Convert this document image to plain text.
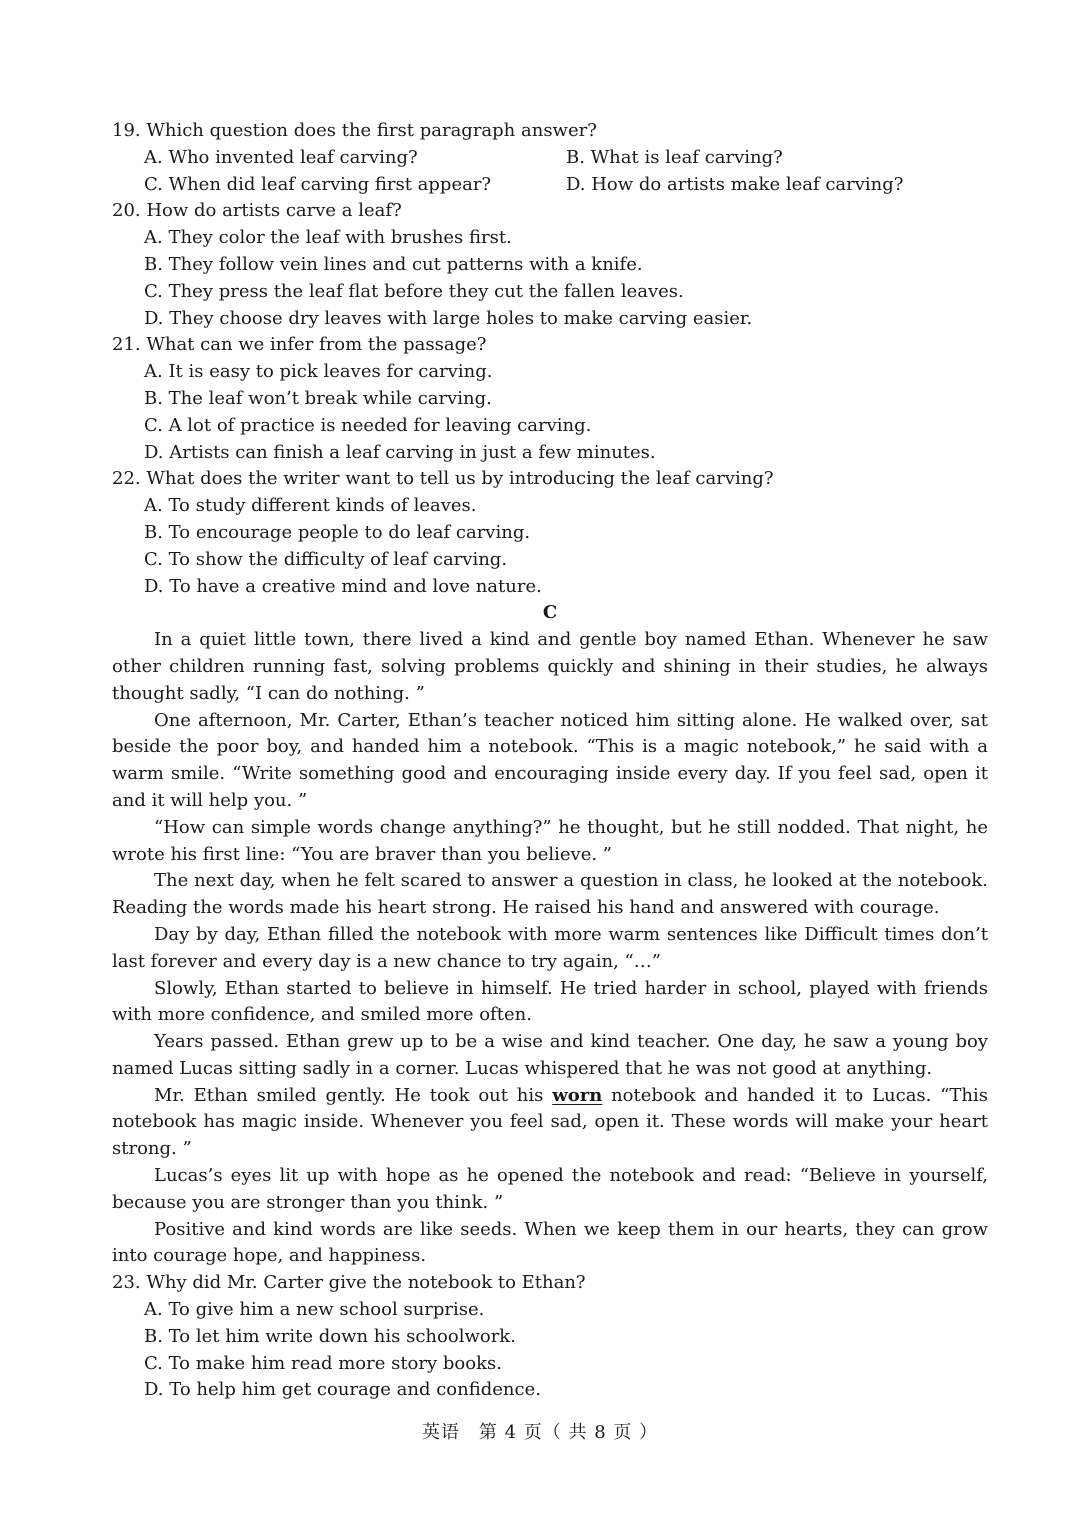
19. Which question does the first paragraph answer?

A. Who invented leaf carving?	B. What is leaf carving?
C. When did leaf carving first appear?	D. How do artists make leaf carving?

20. How do artists carve a leaf?

A. They color the leaf with brushes first.
B. They follow vein lines and cut patterns with a knife.
C. They press the leaf flat before they cut the fallen leaves.
D. They choose dry leaves with large holes to make carving easier.

21. What can we infer from the passage?

A. It is easy to pick leaves for carving.
B. The leaf won’t break while carving.
C. A lot of practice is needed for leaving carving.
D. Artists can finish a leaf carving in just a few minutes.

22. What does the writer want to tell us by introducing the leaf carving?

A. To study different kinds of leaves.
B. To encourage people to do leaf carving.
C. To show the difficulty of leaf carving.
D. To have a creative mind and love nature.

C

In a quiet little town, there lived a kind and gentle boy named Ethan. Whenever he saw other children running fast, solving problems quickly and shining in their studies, he always thought sadly, “I can do nothing. ”

One afternoon, Mr. Carter, Ethan’s teacher noticed him sitting alone. He walked over, sat beside the poor boy, and handed him a notebook. “This is a magic notebook,” he said with a warm smile. “Write something good and encouraging inside every day. If you feel sad, open it and it will help you. ”

“How can simple words change anything?” he thought, but he still nodded. That night, he wrote his first line: “You are braver than you believe. ”

The next day, when he felt scared to answer a question in class, he looked at the notebook. Reading the words made his heart strong. He raised his hand and answered with courage.

Day by day, Ethan filled the notebook with more warm sentences like Difficult times don’t last forever and every day is a new chance to try again, “…”

Slowly, Ethan started to believe in himself. He tried harder in school, played with friends with more confidence, and smiled more often.

Years passed. Ethan grew up to be a wise and kind teacher. One day, he saw a young boy named Lucas sitting sadly in a corner. Lucas whispered that he was not good at anything.

Mr. Ethan smiled gently. He took out his worn notebook and handed it to Lucas. “This notebook has magic inside. Whenever you feel sad, open it. These words will make your heart strong. ”

Lucas’s eyes lit up with hope as he opened the notebook and read: “Believe in yourself, because you are stronger than you think. ”

Positive and kind words are like seeds. When we keep them in our hearts, they can grow into courage hope, and happiness.

23. Why did Mr. Carter give the notebook to Ethan?

A. To give him a new school surprise.
B. To let him write down his schoolwork.
C. To make him read more story books.
D. To help him get courage and confidence.
英语　第 4 页（ 共 8 页 ）
